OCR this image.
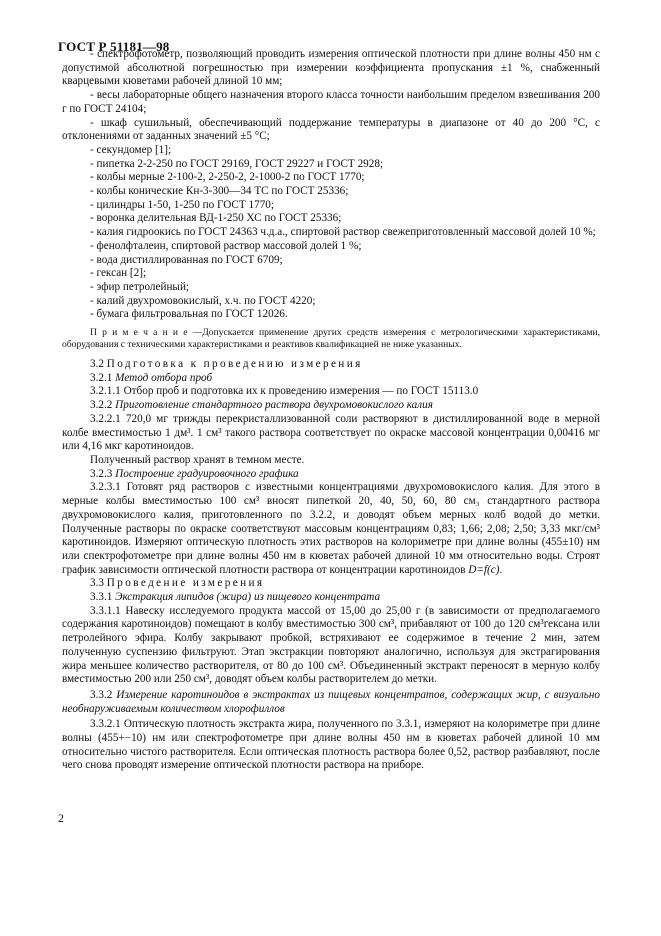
ГОСТ Р 51181—98

- спектрофотометр, позволяющий проводить измерения оптической плотности при длине волны 450 нм с допустимой абсолютной погрешностью при измерении коэффициента пропускания ±1 %, снабженный кварцевыми кюветами рабочей длиной 10 мм;

- весы лабораторные общего назначения второго класса точности наибольшим пределом взвешивания 200 г по ГОСТ 24104;

- шкаф сушильный, обеспечивающий поддержание температуры в диапазоне от 40 до 200 °С, с отклонениями от заданных значений ±5 °С;

- секундомер [1];

- пипетка 2-2-250 по ГОСТ 29169, ГОСТ 29227 и ГОСТ 2928;

- колбы мерные 2-100-2, 2-250-2, 2-1000-2 по ГОСТ 1770;

- колбы конические Кн-3-300—34 ТС по ГОСТ 25336;

- цилиндры 1-50, 1-250 по ГОСТ 1770;

- воронка делительная ВД-1-250 ХС по ГОСТ 25336;

- калия гидроокись по ГОСТ 24363 ч.д.а., спиртовой раствор свежеприготовленный массовой долей 10 %;

- фенолфталеин, спиртовой раствор массовой долей 1 %;

- вода дистиллированная по ГОСТ 6709;

- гексан [2];

- эфир петролейный;

- калий двухромовокислый, х.ч. по ГОСТ 4220;

- бумага фильтровальная по ГОСТ 12026.

П р и м е ч а н и е —Допускается применение других средств измерения с метрологическими характеристиками, оборудования с техническими характеристиками и реактивов квалификацией не ниже указанных.

3.2 Подготовка к проведению измерения

3.2.1 Метод отбора проб

3.2.1.1 Отбор проб и подготовка их к проведению измерения — по ГОСТ 15113.0

3.2.2 Приготовление стандартного раствора двухромовокислого калия

3.2.2.1 720,0 мг трижды перекристаллизованной соли растворяют в дистиллированной воде в мерной колбе вместимостью 1 дм³. 1 см³ такого раствора соответствует по окраске массовой концентрации 0,00416 мг или 4,16 мкг каротиноидов.

Полученный раствор хранят в темном месте.

3.2.3 Построение градуировочного графика

3.2.3.1 Готовят ряд растворов с известными концентрациями двухромовокислого калия. Для этого в мерные колбы вместимостью 100 см³ вносят пипеткой 20, 40, 50, 60, 80 см₃ стандартного раствора двухромовокислого калия, приготовленного по 3.2.2, и доводят объем мерных колб водой до метки. Полученные растворы по окраске соответствуют массовым концентрациям 0,83; 1,66; 2,08; 2,50; 3,33 мкг/см³ каротиноидов. Измеряют оптическую плотность этих растворов на колориметре при длине волны (455±10) нм или спектрофотометре при длине волны 450 нм в кюветах рабочей длиной 10 мм относительно воды. Строят график зависимости оптической плотности раствора от концентрации каротиноидов D=f(c).

3.3 Проведение измерения

3.3.1 Экстракция липидов (жира) из пищевого концентрата

3.3.1.1 Навеску исследуемого продукта массой от 15,00 до 25,00 г (в зависимости от предполагаемого содержания каротиноидов) помещают в колбу вместимостью 300 см³, прибавляют от 100 до 120 см³гексана или петролейного эфира. Колбу закрывают пробкой, встряхивают ее содержимое в течение 2 мин, затем полученную суспензию фильтруют. Этап экстракции повторяют аналогично, используя для экстрагирования жира меньшее количество растворителя, от 80 до 100 см³. Объединенный экстракт переносят в мерную колбу вместимостью 200 или 250 см³, доводят объем колбы растворителем до метки.

3.3.2 Измерение каротиноидов в экстрактах из пищевых концентратов, содержащих жир, с визуально необнаруживаемым количеством хлорофиллов

3.3.2.1 Оптическую плотность экстракта жира, полученного по 3.3.1, измеряют на колориметре при длине волны (455+−10) нм или спектрофотометре при длине волны 450 нм в кюветах рабочей длиной 10 мм относительно чистого растворителя. Если оптическая плотность раствора более 0,52, раствор разбавляют, после чего снова проводят измерение оптической плотности раствора на приборе.

2
